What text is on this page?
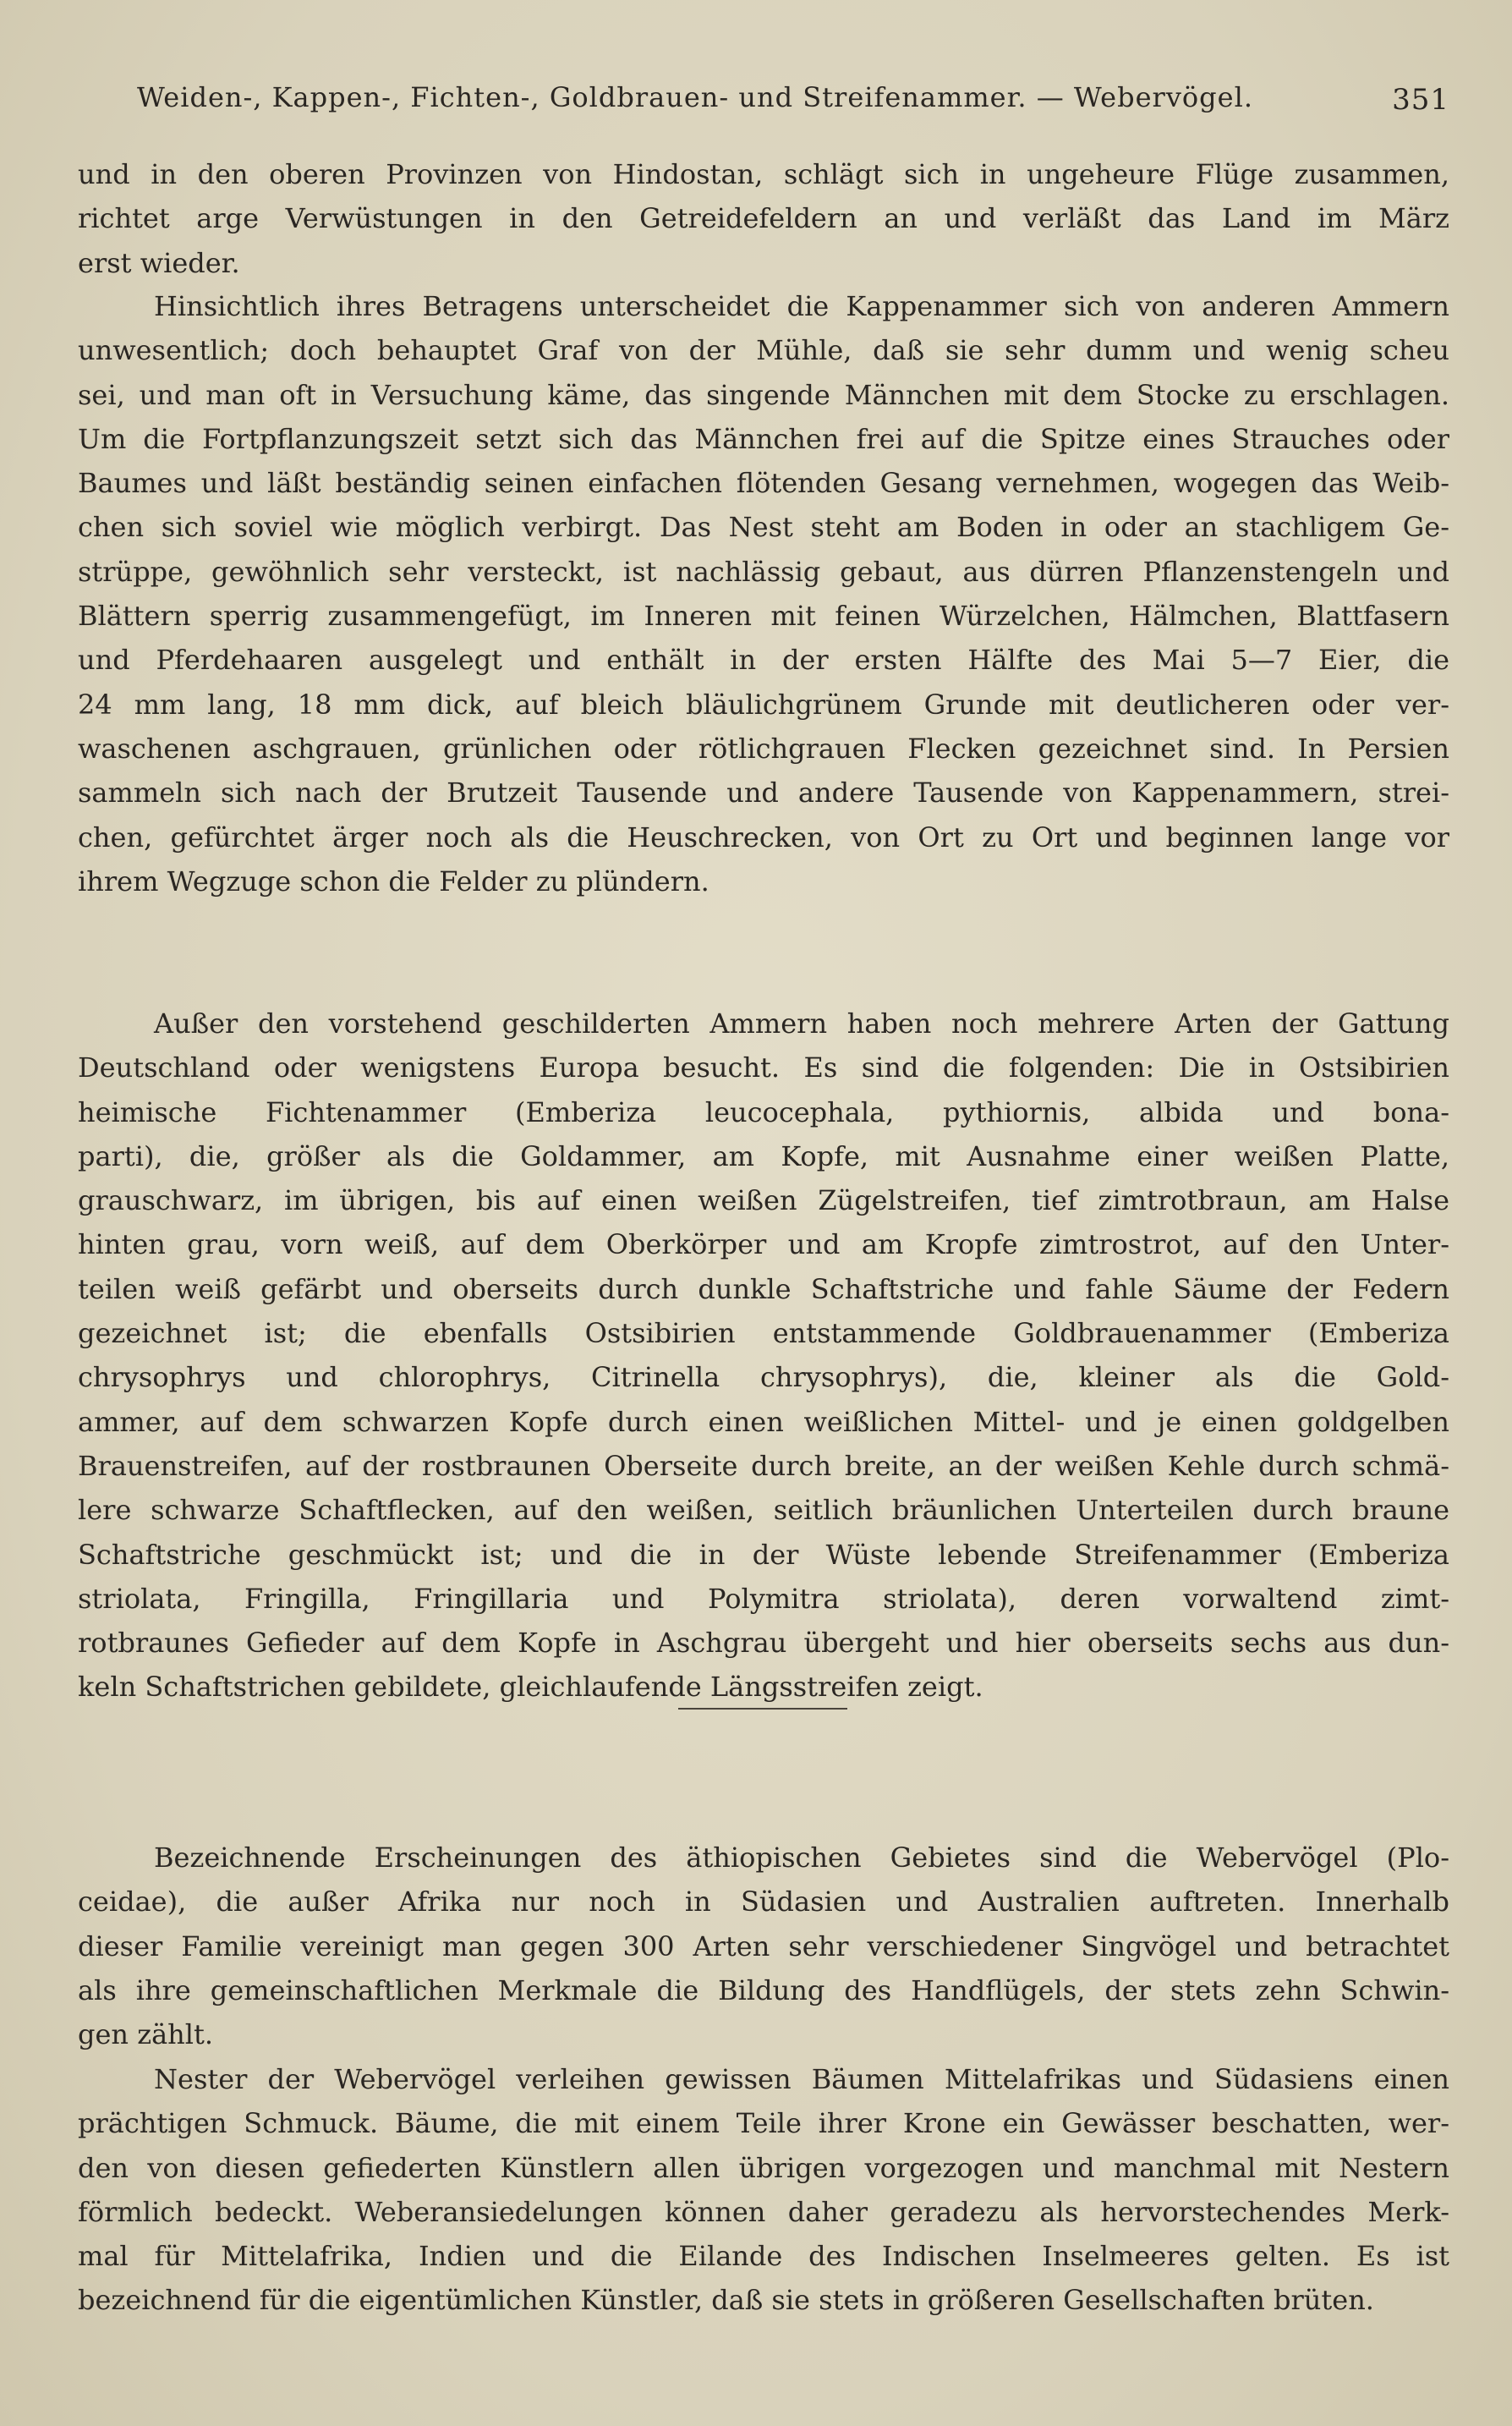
Weiden-, Kappen-, Fichten-, Goldbrauen- und Streifenammer. — Webervögel.	351
und in den oberen Provinzen von Hindostan, schlägt sich in ungeheure Flüge zusammen,
richtet arge Verwüstungen in den Getreidefeldern an und verläßt das Land im März
erst wieder.
Hinsichtlich ihres Betragens unterscheidet die Kappenammer sich von anderen Ammern
unwesentlich; doch behauptet Graf von der Mühle, daß sie sehr dumm und wenig scheu
sei, und man oft in Versuchung käme, das singende Männchen mit dem Stocke zu erschlagen.
Um die Fortpflanzungszeit setzt sich das Männchen frei auf die Spitze eines Strauches oder
Baumes und läßt beständig seinen einfachen flötenden Gesang vernehmen, wogegen das Weib-
chen sich soviel wie möglich verbirgt. Das Nest steht am Boden in oder an stachligem Ge-
strüppe, gewöhnlich sehr versteckt, ist nachlässig gebaut, aus dürren Pflanzenstengeln und
Blättern sperrig zusammengefügt, im Inneren mit feinen Würzelchen, Hälmchen, Blattfasern
und Pferdehaaren ausgelegt und enthält in der ersten Hälfte des Mai 5—7 Eier, die
24 mm lang, 18 mm dick, auf bleich bläulichgrünem Grunde mit deutlicheren oder ver-
waschenen aschgrauen, grünlichen oder rötlichgrauen Flecken gezeichnet sind. In Persien
sammeln sich nach der Brutzeit Tausende und andere Tausende von Kappenammern, strei-
chen, gefürchtet ärger noch als die Heuschrecken, von Ort zu Ort und beginnen lange vor
ihrem Wegzuge schon die Felder zu plündern.
Außer den vorstehend geschilderten Ammern haben noch mehrere Arten der Gattung
Deutschland oder wenigstens Europa besucht. Es sind die folgenden: Die in Ostsibirien
heimische Fichtenammer (Emberiza leucocephala, pythiornis, albida und bona-
parti), die, größer als die Goldammer, am Kopfe, mit Ausnahme einer weißen Platte,
grauschwarz, im übrigen, bis auf einen weißen Zügelstreifen, tief zimtrotbraun, am Halse
hinten grau, vorn weiß, auf dem Oberkörper und am Kropfe zimtrostrot, auf den Unter-
teilen weiß gefärbt und oberseits durch dunkle Schaftstriche und fahle Säume der Federn
gezeichnet ist; die ebenfalls Ostsibirien entstammende Goldbrauenammer (Emberiza
chrysophrys und chlorophrys, Citrinella chrysophrys), die, kleiner als die Gold-
ammer, auf dem schwarzen Kopfe durch einen weißlichen Mittel- und je einen goldgelben
Brauenstreifen, auf der rostbraunen Oberseite durch breite, an der weißen Kehle durch schmä-
lere schwarze Schaftflecken, auf den weißen, seitlich bräunlichen Unterteilen durch braune
Schaftstriche geschmückt ist; und die in der Wüste lebende Streifenammer (Emberiza
striolata, Fringilla, Fringillaria und Polymitra striolata), deren vorwaltend zimt-
rotbraunes Gefieder auf dem Kopfe in Aschgrau übergeht und hier oberseits sechs aus dun-
keln Schaftstrichen gebildete, gleichlaufende Längsstreifen zeigt.
Bezeichnende Erscheinungen des äthiopischen Gebietes sind die Webervögel (Plo-
ceidae), die außer Afrika nur noch in Südasien und Australien auftreten. Innerhalb
dieser Familie vereinigt man gegen 300 Arten sehr verschiedener Singvögel und betrachtet
als ihre gemeinschaftlichen Merkmale die Bildung des Handflügels, der stets zehn Schwin-
gen zählt.
Nester der Webervögel verleihen gewissen Bäumen Mittelafrikas und Südasiens einen
prächtigen Schmuck. Bäume, die mit einem Teile ihrer Krone ein Gewässer beschatten, wer-
den von diesen gefiederten Künstlern allen übrigen vorgezogen und manchmal mit Nestern
förmlich bedeckt. Weberansiedelungen können daher geradezu als hervorstechendes Merk-
mal für Mittelafrika, Indien und die Eilande des Indischen Inselmeeres gelten. Es ist
bezeichnend für die eigentümlichen Künstler, daß sie stets in größeren Gesellschaften brüten.
